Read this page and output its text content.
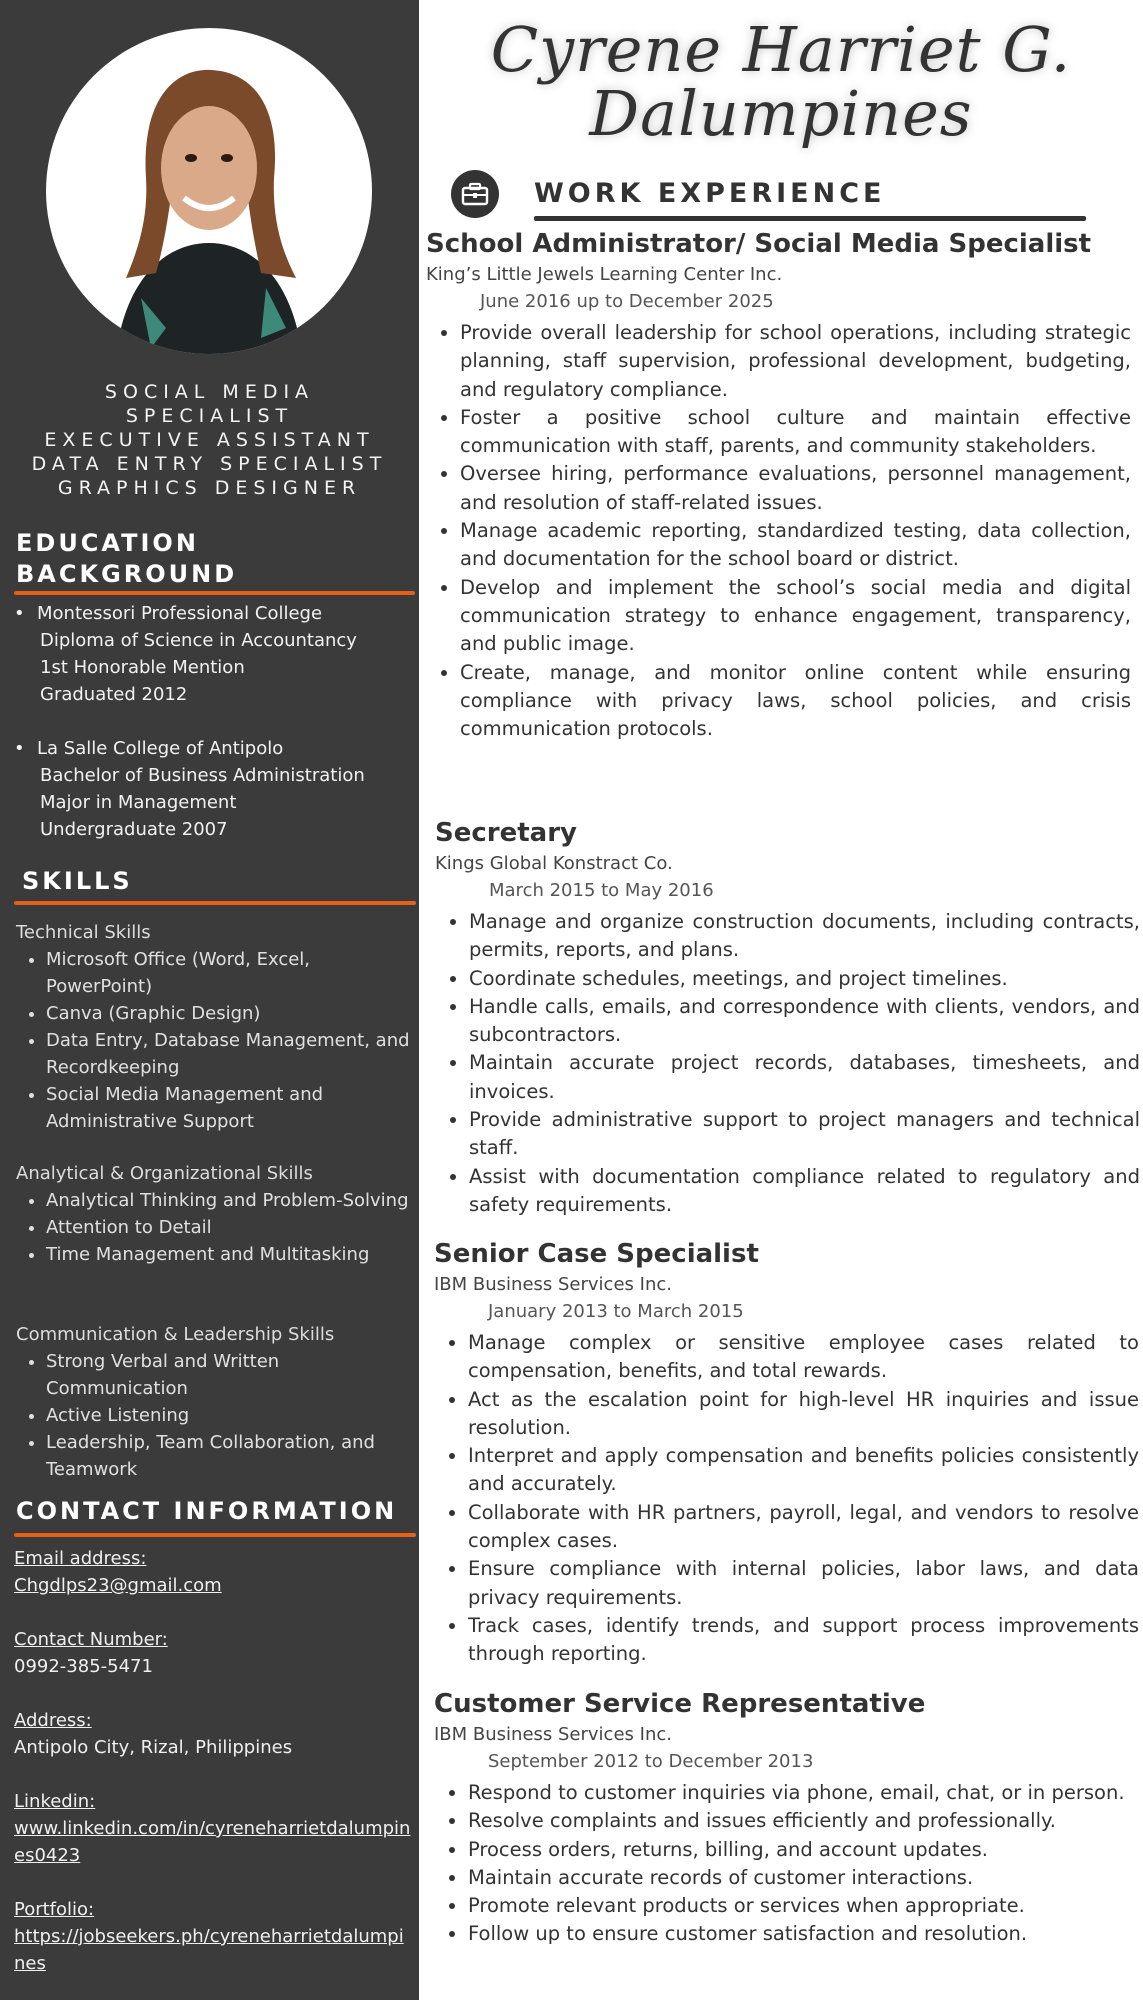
SOCIAL MEDIA
SPECIALIST
EXECUTIVE ASSISTANT
DATA ENTRY SPECIALIST
GRAPHICS DESIGNER
EDUCATION
BACKGROUND
• Montessori Professional College
Diploma of Science in Accountancy
1st Honorable Mention
Graduated 2012
• La Salle College of Antipolo
Bachelor of Business Administration
Major in Management
Undergraduate 2007
SKILLS
Technical Skills
• Microsoft Office (Word, Excel, PowerPoint)
• Canva (Graphic Design)
• Data Entry, Database Management, and Recordkeeping
• Social Media Management and Administrative Support
Analytical & Organizational Skills
• Analytical Thinking and Problem-Solving
• Attention to Detail
• Time Management and Multitasking
Communication & Leadership Skills
• Strong Verbal and Written Communication
• Active Listening
• Leadership, Team Collaboration, and Teamwork
CONTACT INFORMATION
Email address:
Chgdlps23@gmail.com
Contact Number:
0992-385-5471
Address:
Antipolo City, Rizal, Philippines
Linkedin:
www.linkedin.com/in/cyreneharrietdalumpines0423
Portfolio:
https://jobseekers.ph/cyreneharrietdalumpines
Cyrene Harriet G.
Dalumpines
WORK EXPERIENCE
School Administrator/ Social Media Specialist
King’s Little Jewels Learning Center Inc.
June 2016 up to December 2025
• Provide overall leadership for school operations, including strategic planning, staff supervision, professional development, budgeting, and regulatory compliance.
• Foster a positive school culture and maintain effective communication with staff, parents, and community stakeholders.
• Oversee hiring, performance evaluations, personnel management, and resolution of staff-related issues.
• Manage academic reporting, standardized testing, data collection, and documentation for the school board or district.
• Develop and implement the school’s social media and digital communication strategy to enhance engagement, transparency, and public image.
• Create, manage, and monitor online content while ensuring compliance with privacy laws, school policies, and crisis communication protocols.
Secretary
Kings Global Konstract Co.
March 2015 to May 2016
• Manage and organize construction documents, including contracts, permits, reports, and plans.
• Coordinate schedules, meetings, and project timelines.
• Handle calls, emails, and correspondence with clients, vendors, and subcontractors.
• Maintain accurate project records, databases, timesheets, and invoices.
• Provide administrative support to project managers and technical staff.
• Assist with documentation compliance related to regulatory and safety requirements.
Senior Case Specialist
IBM Business Services Inc.
January 2013 to March 2015
• Manage complex or sensitive employee cases related to compensation, benefits, and total rewards.
• Act as the escalation point for high-level HR inquiries and issue resolution.
• Interpret and apply compensation and benefits policies consistently and accurately.
• Collaborate with HR partners, payroll, legal, and vendors to resolve complex cases.
• Ensure compliance with internal policies, labor laws, and data privacy requirements.
• Track cases, identify trends, and support process improvements through reporting.
Customer Service Representative
IBM Business Services Inc.
September 2012 to December 2013
• Respond to customer inquiries via phone, email, chat, or in person.
• Resolve complaints and issues efficiently and professionally.
• Process orders, returns, billing, and account updates.
• Maintain accurate records of customer interactions.
• Promote relevant products or services when appropriate.
• Follow up to ensure customer satisfaction and resolution.
